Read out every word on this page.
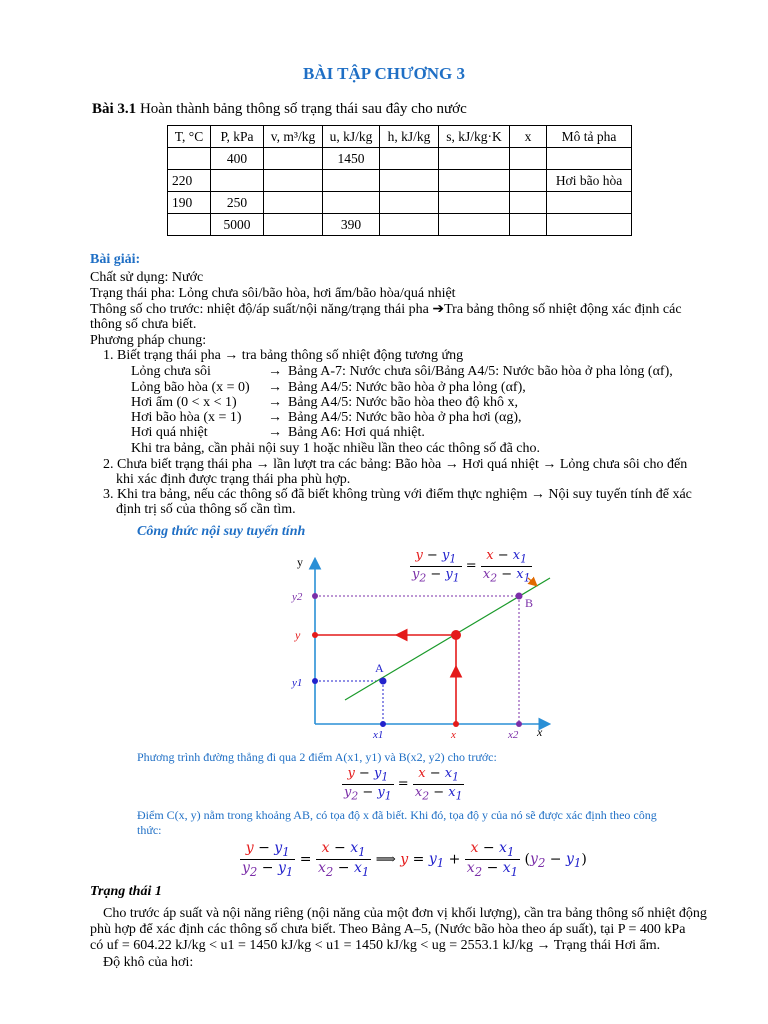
BÀI TẬP CHƯƠNG 3
Bài 3.1 Hoàn thành bảng thông số trạng thái sau đây cho nước
T, °C	P, kPa	v, m³/kg	u, kJ/kg	h, kJ/kg	s, kJ/kg·K	x	Mô tả pha
	400		1450				
220							Hơi bão hòa
190	250						
	5000		390				
Bài giải:
Chất sử dụng: Nước
Trạng thái pha: Lỏng chưa sôi/bão hòa, hơi ẩm/bão hòa/quá nhiệt
Thông số cho trước: nhiệt độ/áp suất/nội năng/trạng thái pha ➔Tra bảng thông số nhiệt động xác định các
thông số chưa biết.
Phương pháp chung:
1. Biết trạng thái pha → tra bảng thông số nhiệt động tương ứng
Lỏng chưa sôi	→ Bảng A-7: Nước chưa sôi/Bảng A4/5: Nước bão hòa ở pha lỏng (αf),
Lỏng bão hòa (x = 0) → Bảng A4/5: Nước bão hòa ở pha lỏng (αf),
Hơi ẩm (0 < x < 1) → Bảng A4/5: Nước bão hòa theo độ khô x,
Hơi bão hòa (x = 1) → Bảng A4/5: Nước bão hòa ở pha hơi (αg),
Hơi quá nhiệt	→ Bảng A6: Hơi quá nhiệt.
Khi tra bảng, cần phải nội suy 1 hoặc nhiều lần theo các thông số đã cho.
2. Chưa biết trạng thái pha → lần lượt tra các bảng: Bão hòa → Hơi quá nhiệt → Lỏng chưa sôi cho đến
khi xác định được trạng thái pha phù hợp.
3. Khi tra bảng, nếu các thông số đã biết không trùng với điểm thực nghiệm → Nội suy tuyến tính để xác
định trị số của thông số cần tìm.
Công thức nội suy tuyến tính
y
x
y2
y
y1
x1	x	x2
A
B
$\frac{y - y_1}{y_2 - y_1} = \frac{x - x_1}{x_2 - x_1}$
Phương trình đường thẳng đi qua 2 điểm A(x1, y1) và B(x2, y2) cho trước:
$\frac{y - y_1}{y_2 - y_1} = \frac{x - x_1}{x_2 - x_1}$
Điểm C(x, y) nằm trong khoảng AB, có tọa độ x đã biết. Khi đó, tọa độ y của nó sẽ được xác định theo công
thức:
$\frac{y - y_1}{y_2 - y_1} = \frac{x - x_1}{x_2 - x_1}$ ⟹ $y = y_1 + \frac{x - x_1}{x_2 - x_1} (y_2 - y_1)$
Trạng thái 1
Cho trước áp suất và nội năng riêng (nội năng của một đơn vị khối lượng), cần tra bảng thông số nhiệt động
phù hợp để xác định các thông số chưa biết. Theo Bảng A–5, (Nước bão hòa theo áp suất), tại P = 400 kPa
có uf = 604.22 kJ/kg < u1 = 1450 kJ/kg < u1 = 1450 kJ/kg < ug = 2553.1 kJ/kg → Trạng thái Hơi ẩm.
Độ khô của hơi:
